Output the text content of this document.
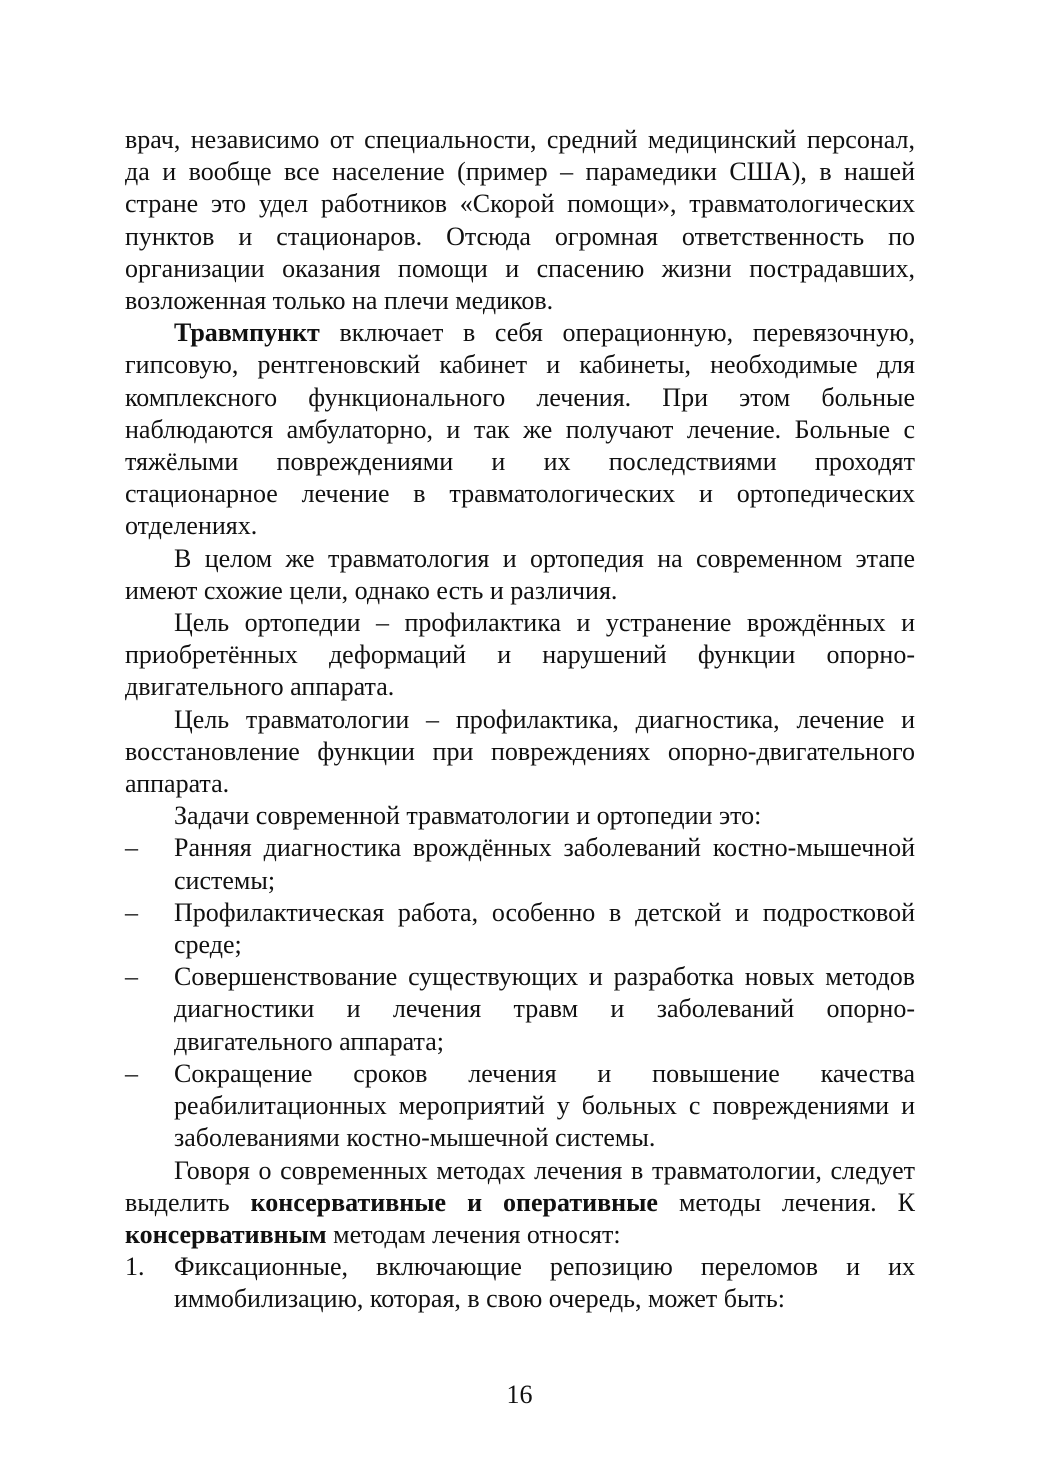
врач, независимо от специальности, средний медицинский персонал, да и вообще все население (пример – парамедики США), в нашей стране это удел работников «Скорой помощи», травматологических пунктов и стационаров. Отсюда огромная ответственность по организации оказания помощи и спасению жизни пострадавших, возложенная только на плечи медиков.

Травмпункт включает в себя операционную, перевязочную, гипсовую, рентгеновский кабинет и кабинеты, необходимые для комплексного функционального лечения. При этом больные наблюдаются амбулаторно, и так же получают лечение. Больные с тяжёлыми повреждениями и их последствиями проходят стационарное лечение в травматологических и ортопедических отделениях.

В целом же травматология и ортопедия на современном этапе имеют схожие цели, однако есть и различия.

Цель ортопедии – профилактика и устранение врождённых и приобретённых деформаций и нарушений функции опорно-двигательного аппарата.

Цель травматологии – профилактика, диагностика, лечение и восстановление функции при повреждениях опорно-двигательного аппарата.

Задачи современной травматологии и ортопедии это:

– Ранняя диагностика врождённых заболеваний костно-мышечной системы;
– Профилактическая работа, особенно в детской и подростковой среде;
– Совершенствование существующих и разработка новых методов диагностики и лечения травм и заболеваний опорно-двигательного аппарата;
– Сокращение сроков лечения и повышение качества реабилитационных мероприятий у больных с повреждениями и заболеваниями костно-мышечной системы.

Говоря о современных методах лечения в травматологии, следует выделить консервативные и оперативные методы лечения. К консервативным методам лечения относят:

1. Фиксационные, включающие репозицию переломов и их иммобилизацию, которая, в свою очередь, может быть:
16
